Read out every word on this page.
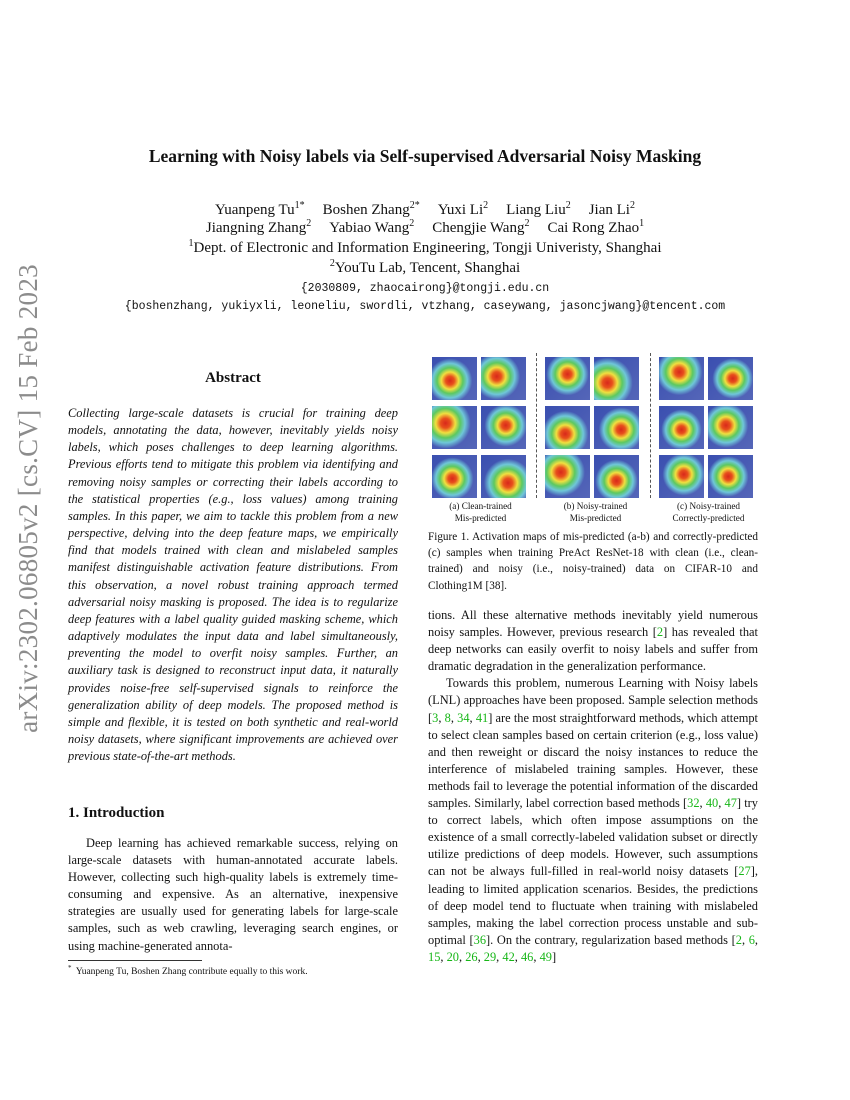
arXiv:2302.06805v2 [cs.CV] 15 Feb 2023
Learning with Noisy labels via Self-supervised Adversarial Noisy Masking
Yuanpeng $Tu^{1*}$ Boshen Zhang$^{2*}$ Yuxi Li$^2$ Liang Liu$^2$ Jian Li$^2$
Jiangning Zhang$^2$ Yabiao Wang$^2$ Chengjie Wang$^2$ Cai Rong Zhao$^1$
$^1$Dept. of Electronic and Information Engineering, Tongji Univeristy, Shanghai
$^2$YouTu Lab, Tencent, Shanghai
{2030809, zhaocairong}@tongji.edu.cn
{boshenzhang, yukiyxli, leoneliu, swordli, vtzhang, caseywang, jasoncjwang}@tencent.com
Abstract
Collecting large-scale datasets is crucial for training deep models, annotating the data, however, inevitably yields noisy labels, which poses challenges to deep learning algorithms. Previous efforts tend to mitigate this problem via identifying and removing noisy samples or correcting their labels according to the statistical properties (e.g., loss values) among training samples. In this paper, we aim to tackle this problem from a new perspective, delving into the deep feature maps, we empirically find that models trained with clean and mislabeled samples manifest distinguishable activation feature distributions. From this observation, a novel robust training approach termed adversarial noisy masking is proposed. The idea is to regularize deep features with a label quality guided masking scheme, which adaptively modulates the input data and label simultaneously, preventing the model to overfit noisy samples. Further, an auxiliary task is designed to reconstruct input data, it naturally provides noise-free self-supervised signals to reinforce the generalization ability of deep models. The proposed method is simple and flexible, it is tested on both synthetic and real-world noisy datasets, where significant improvements are achieved over previous state-of-the-art methods.
1. Introduction
Deep learning has achieved remarkable success, relying on large-scale datasets with human-annotated accurate labels. However, collecting such high-quality labels is extremely time-consuming and expensive. As an alternative, inexpensive strategies are usually used for generating labels for large-scale samples, such as web crawling, leveraging search engines, or using machine-generated annota-
* Yuanpeng Tu, Boshen Zhang contribute equally to this work.
(a) Clean-trained
Mis-predicted
(b) Noisy-trained
Mis-predicted
(c) Noisy-trained
Correctly-predicted
Figure 1. Activation maps of mis-predicted (a-b) and correctly-predicted (c) samples when training PreAct ResNet-18 with clean (i.e., clean-trained) and noisy (i.e., noisy-trained) data on CIFAR-10 and Clothing1M [38].

tions. All these alternative methods inevitably yield numerous noisy samples. However, previous research [2] has revealed that deep networks can easily overfit to noisy labels and suffer from dramatic degradation in the generalization performance.

Towards this problem, numerous Learning with Noisy labels (LNL) approaches have been proposed. Sample selection methods [3, 8, 34, 41] are the most straightforward methods, which attempt to select clean samples based on certain criterion (e.g., loss value) and then reweight or discard the noisy instances to reduce the interference of mislabeled training samples. However, these methods fail to leverage the potential information of the discarded samples. Similarly, label correction based methods [32, 40, 47] try to correct labels, which often impose assumptions on the existence of a small correctly-labeled validation subset or directly utilize predictions of deep models. However, such assumptions can not be always full-filled in real-world noisy datasets [27], leading to limited application scenarios. Besides, the predictions of deep model tend to fluctuate when training with mislabeled samples, making the label correction process unstable and sub-optimal [36]. On the contrary, regularization based methods [2, 6, 15, 20, 26, 29, 42, 46, 49]
